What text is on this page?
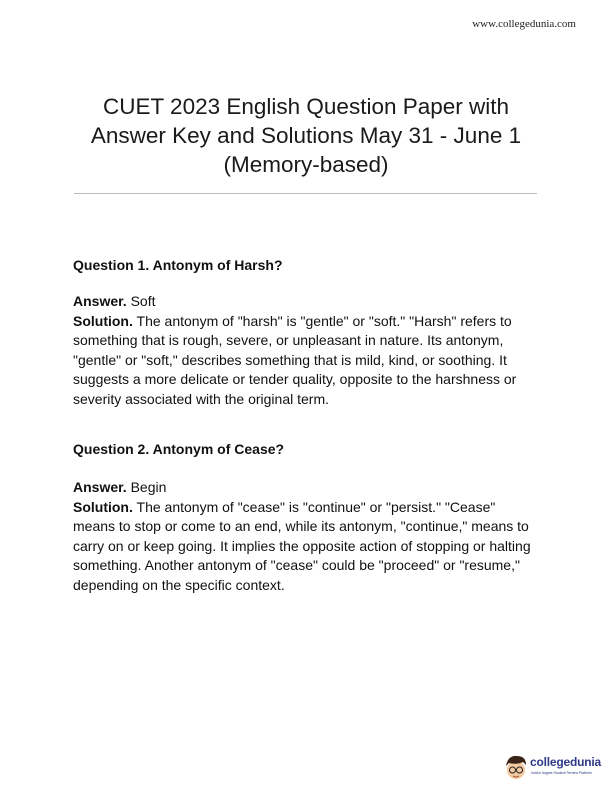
www.collegedunia.com
CUET 2023 English Question Paper with
Answer Key and Solutions May 31 - June 1
(Memory-based)
Question 1. Antonym of Harsh?
Answer. Soft
Solution. The antonym of "harsh" is "gentle" or "soft." "Harsh" refers to
something that is rough, severe, or unpleasant in nature. Its antonym,
"gentle" or "soft," describes something that is mild, kind, or soothing. It
suggests a more delicate or tender quality, opposite to the harshness or
severity associated with the original term.
Question 2. Antonym of Cease?
Answer. Begin
Solution. The antonym of "cease" is "continue" or "persist." "Cease"
means to stop or come to an end, while its antonym, "continue," means to
carry on or keep going. It implies the opposite action of stopping or halting
something. Another antonym of "cease" could be "proceed" or "resume,"
depending on the specific context.
collegedunia
India's largest Student Review Platform
